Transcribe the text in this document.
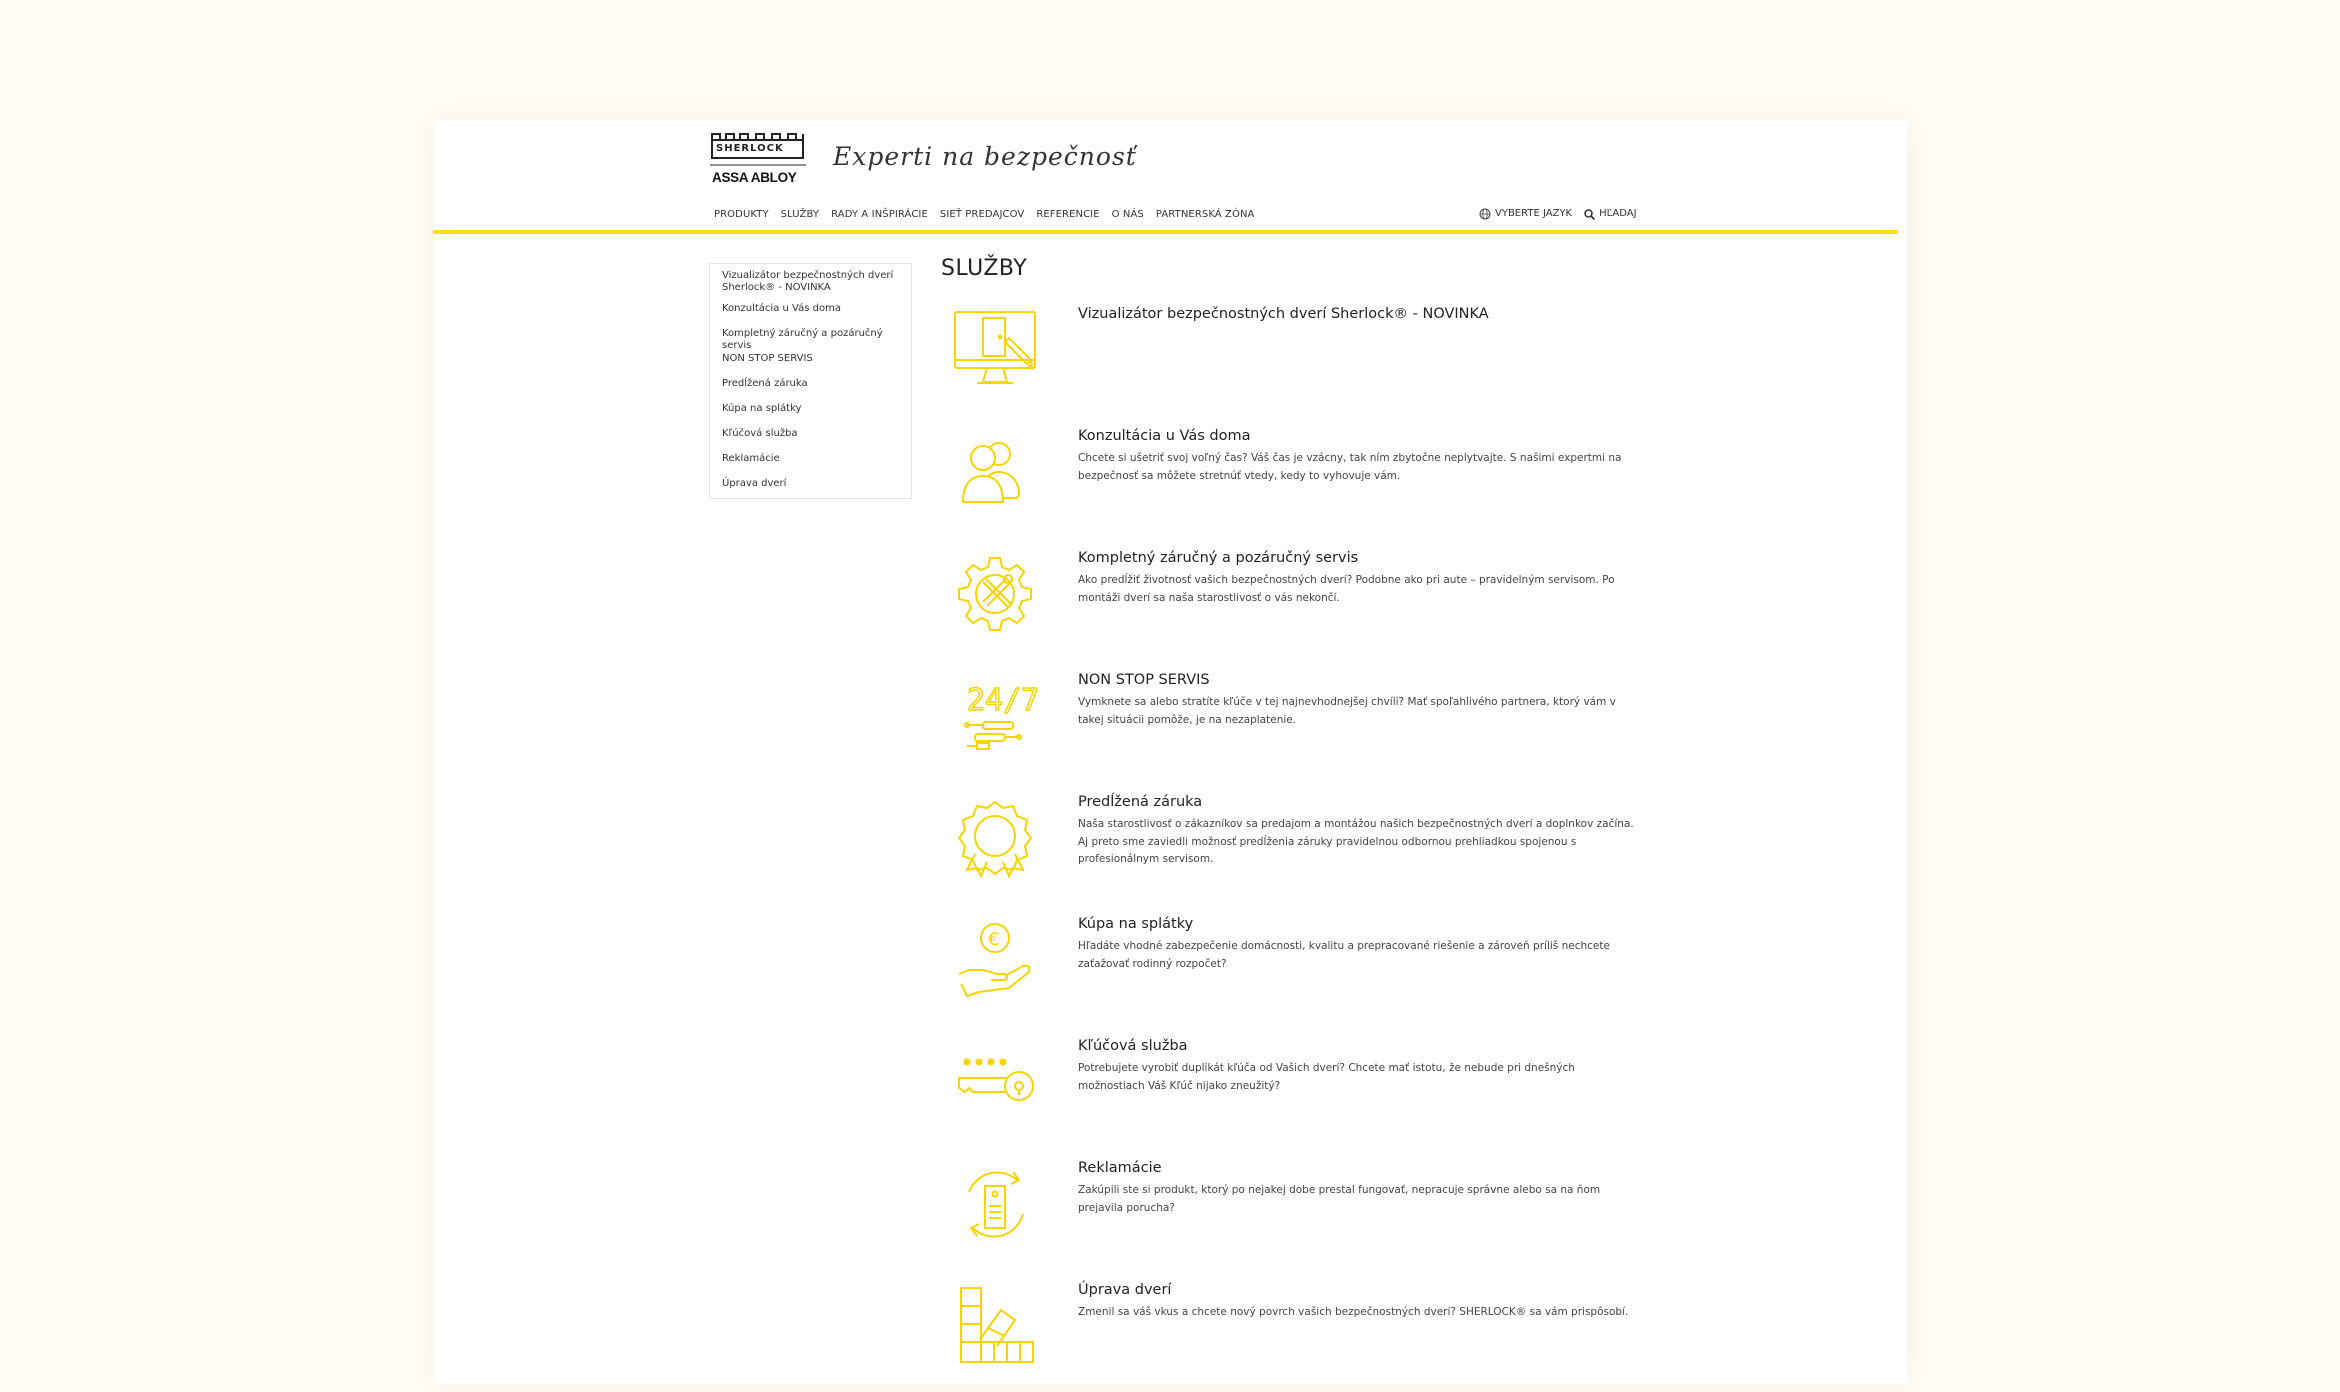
SHERLOCK
ASSA ABLOY
Experti na bezpečnosť
PRODUKTY	SLUŽBY	RADY A INŠPIRÁCIE	SIEŤ PREDAJCOV	REFERENCIE	O NÁS	PARTNERSKÁ ZÓNA	VYBERTE JAZYK	HĽADAJ
Vizualizátor bezpečnostných dverí Sherlock® - NOVINKA
Konzultácia u Vás doma
Kompletný záručný a pozáručný servis
NON STOP SERVIS
Predĺžená záruka
Kúpa na splátky
Kľúčová služba
Reklamácie
Úprava dverí
SLUŽBY
Vizualizátor bezpečnostných dverí Sherlock® - NOVINKA
Konzultácia u Vás doma
Chcete si ušetriť svoj voľný čas? Váš čas je vzácny, tak ním zbytočne neplytvajte. S našimi expertmi na bezpečnosť sa môžete stretnúť vtedy, kedy to vyhovuje vám.
Kompletný záručný a pozáručný servis
Ako predĺžiť životnosť vašich bezpečnostných dverí? Podobne ako pri aute – pravidelným servisom. Po montáži dverí sa naša starostlivosť o vás nekončí.
24/7
NON STOP SERVIS
Vymknete sa alebo stratíte kľúče v tej najnevhodnejšej chvíli? Mať spoľahlivého partnera, ktorý vám v takej situácii pomôže, je na nezaplatenie.
Predĺžená záruka
Naša starostlivosť o zákazníkov sa predajom a montážou našich bezpečnostných dverí a doplnkov začína. Aj preto sme zaviedli možnosť predĺženia záruky pravidelnou odbornou prehliadkou spojenou s profesionálnym servisom.
€
Kúpa na splátky
Hľadáte vhodné zabezpečenie domácnosti, kvalitu a prepracované riešenie a zároveň príliš nechcete zaťažovať rodinný rozpočet?
Kľúčová služba
Potrebujete vyrobiť duplikát kľúča od Vašich dverí? Chcete mať istotu, že nebude pri dnešných možnostiach Váš Kľúč nijako zneužitý?
Reklamácie
Zakúpili ste si produkt, ktorý po nejakej dobe prestal fungovať, nepracuje správne alebo sa na ňom prejavila porucha?
Úprava dverí
Zmenil sa váš vkus a chcete nový povrch vašich bezpečnostných dverí? SHERLOCK® sa vám prispôsobí.
